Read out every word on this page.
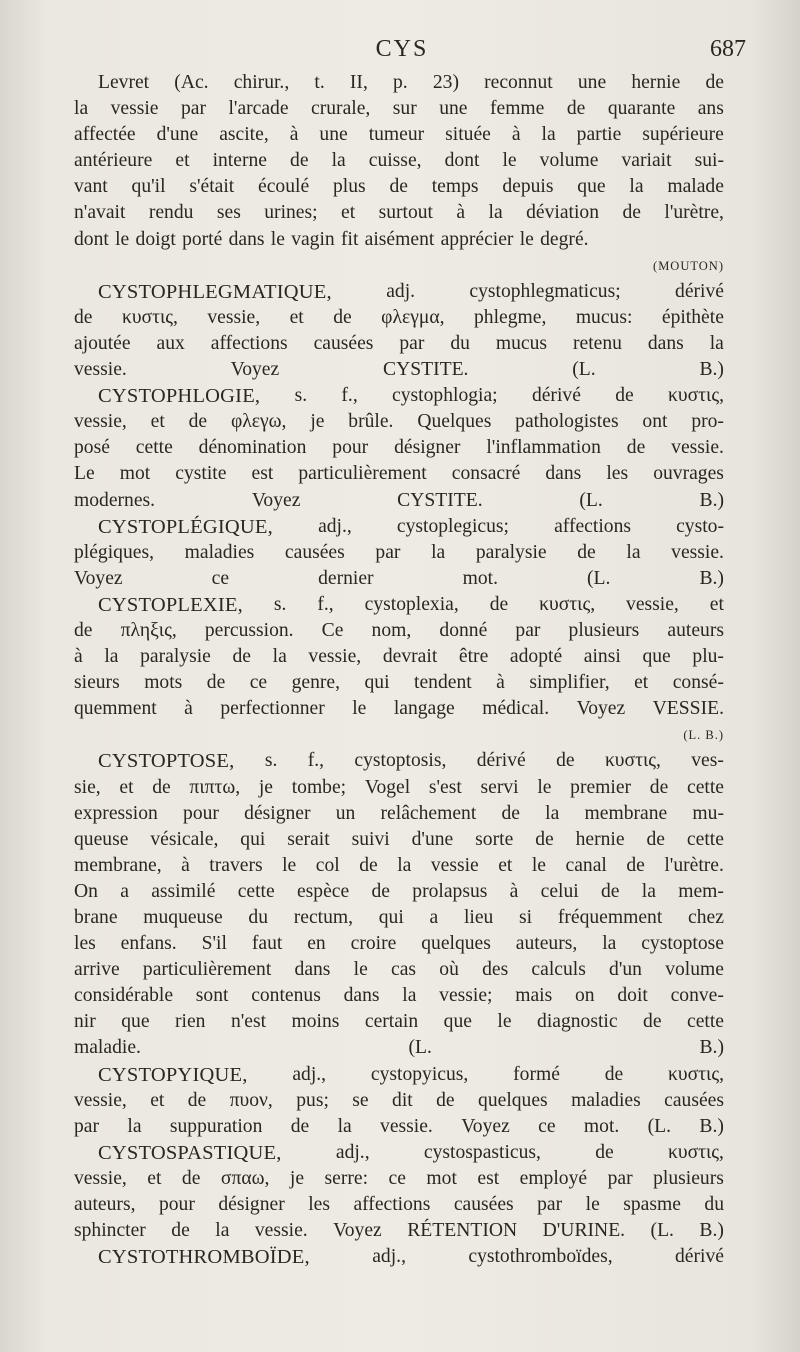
CYS	687
Levret (Ac. chirur., t. II, p. 23) reconnut une hernie de
la vessie par l'arcade crurale, sur une femme de quarante ans
affectée d'une ascite, à une tumeur située à la partie supérieure
antérieure et interne de la cuisse, dont le volume variait sui-
vant qu'il s'était écoulé plus de temps depuis que la malade
n'avait rendu ses urines; et surtout à la déviation de l'urètre,
dont le doigt porté dans le vagin fit aisément apprécier le degré.
(MOUTON)
CYSTOPHLEGMATIQUE,	adj.	cystophlegmaticus;	dérivé
de κυστις, vessie, et de φλεγμα, phlegme, mucus: épithète
ajoutée aux affections causées par du mucus retenu dans la
vessie.	Voyez	CYSTITE.	(L.	B.)
CYSTOPHLOGIE, s. f., cystophlogia; dérivé de κυστις,
vessie, et de φλεγω, je brûle. Quelques pathologistes ont pro-
posé cette dénomination pour désigner l'inflammation de vessie.
Le mot cystite est particulièrement consacré dans les ouvrages
modernes.	Voyez	CYSTITE.	(L.	B.)
CYSTOPLÉGIQUE, adj., cystoplegicus; affections cysto-
plégiques, maladies causées par la paralysie de la vessie.
Voyez	ce	dernier	mot.	(L.	B.)
CYSTOPLEXIE, s. f., cystoplexia, de κυστις, vessie, et
de πληξις, percussion. Ce nom, donné par plusieurs auteurs
à la paralysie de la vessie, devrait être adopté ainsi que plu-
sieurs mots de ce genre, qui tendent à simplifier, et consé-
quemment à perfectionner le langage médical. Voyez VESSIE.
(L. B.)
CYSTOPTOSE, s. f., cystoptosis, dérivé de κυστις, ves-
sie, et de πιπτω, je tombe; Vogel s'est servi le premier de cette
expression pour désigner un relâchement de la membrane mu-
queuse vésicale, qui serait suivi d'une sorte de hernie de cette
membrane, à travers le col de la vessie et le canal de l'urètre.
On a assimilé cette espèce de prolapsus à celui de la mem-
brane muqueuse du rectum, qui a lieu si fréquemment chez
les enfans. S'il faut en croire quelques auteurs, la cystoptose
arrive particulièrement dans le cas où des calculs d'un volume
considérable sont contenus dans la vessie; mais on doit conve-
nir que rien n'est moins certain que le diagnostic de cette
maladie.	(L.	B.)
CYSTOPYIQUE, adj., cystopyicus, formé de κυστις,
vessie, et de πυον, pus; se dit de quelques maladies causées
par la suppuration de la vessie. Voyez ce mot. (L. B.)
CYSTOSPASTIQUE,	adj.,	cystospasticus,	de	κυστις,
vessie, et de σπαω, je serre: ce mot est employé par plusieurs
auteurs, pour désigner les affections causées par le spasme du
sphincter de la vessie. Voyez RÉTENTION D'URINE. (L. B.)
CYSTOTHROMBOÏDE,	adj.,	cystothromboïdes,	dérivé
